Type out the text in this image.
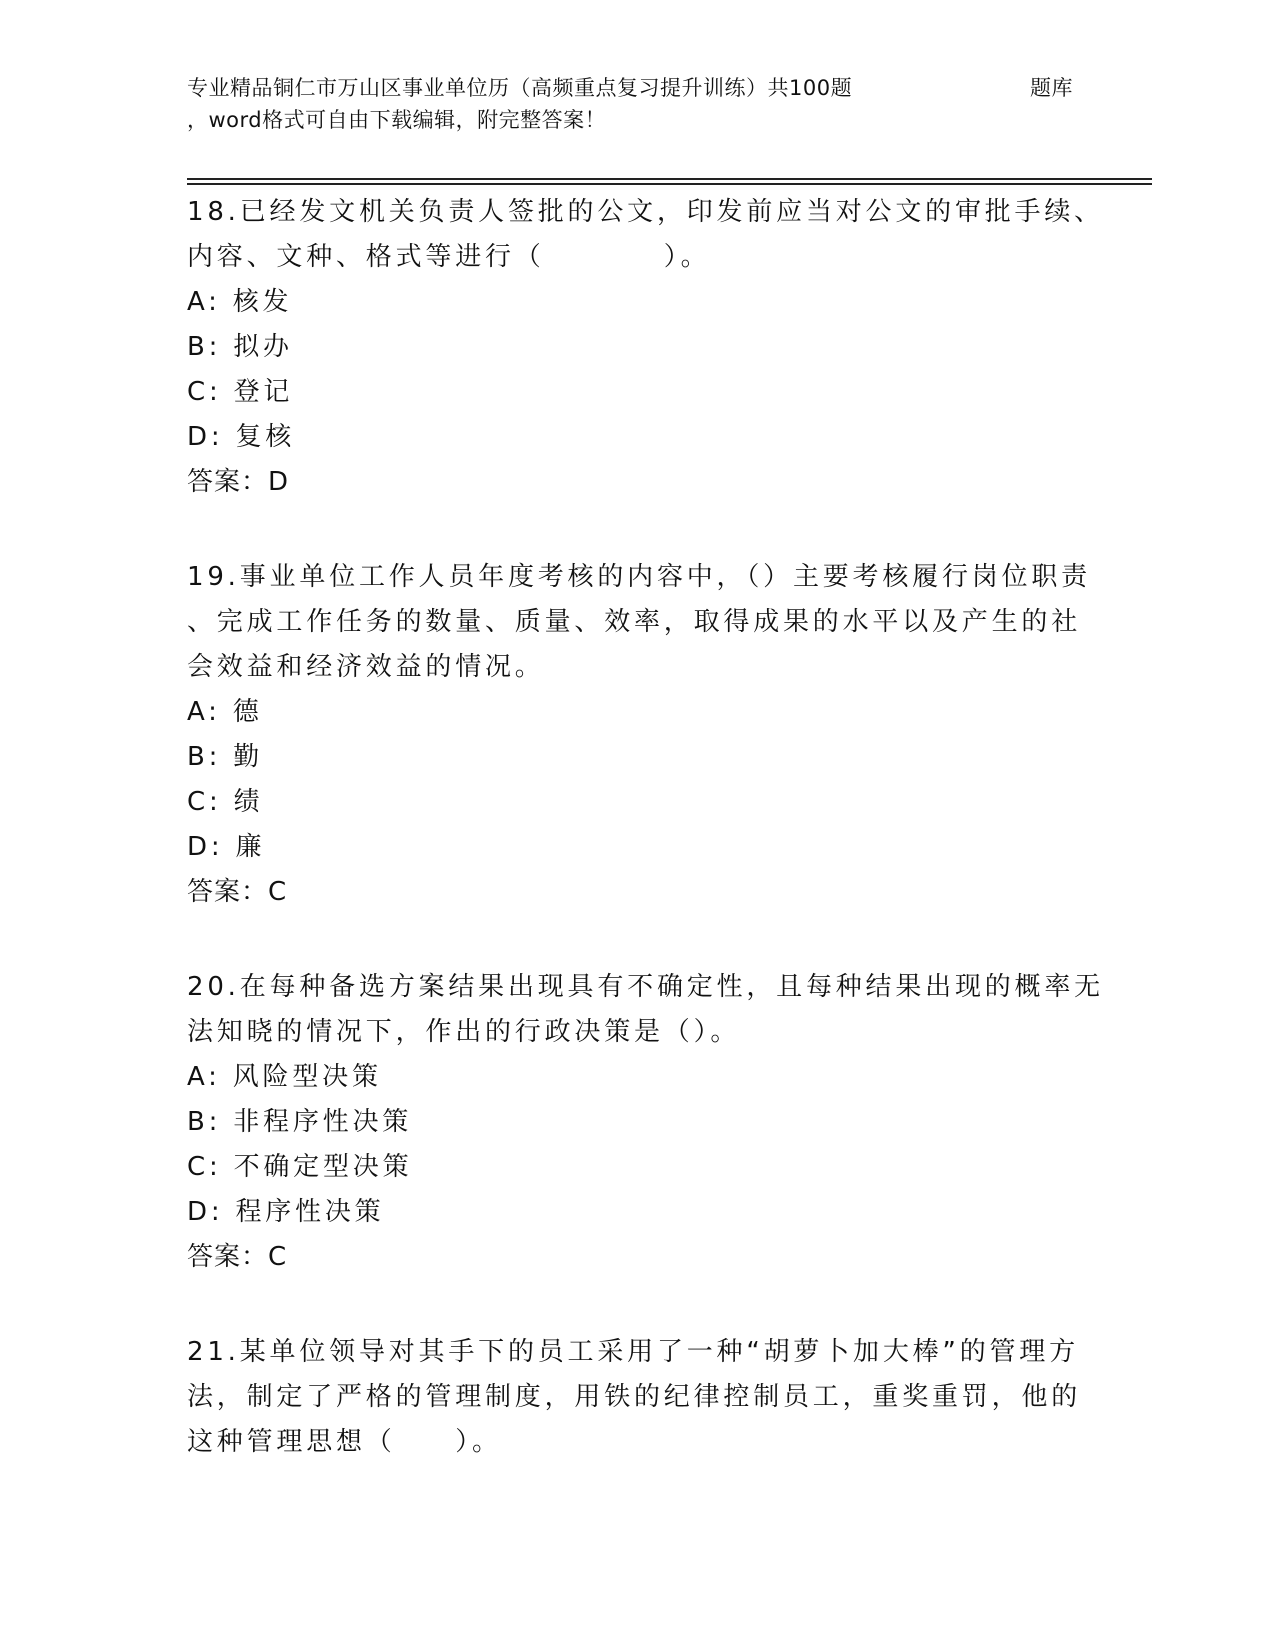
专业精品铜仁市万山区事业单位历（高频重点复习提升训练）共100题	题库
，word格式可自由下载编辑，附完整答案！
18.已经发文机关负责人签批的公文，印发前应当对公文的审批手续、
内容、文种、格式等进行（　　　　）。
A: 核发
B: 拟办
C: 登记
D: 复核
答案：D
19.事业单位工作人员年度考核的内容中，（）主要考核履行岗位职责
、完成工作任务的数量、质量、效率，取得成果的水平以及产生的社
会效益和经济效益的情况。
A: 德
B: 勤
C: 绩
D: 廉
答案：C
20.在每种备选方案结果出现具有不确定性，且每种结果出现的概率无
法知晓的情况下，作出的行政决策是（）。
A: 风险型决策
B: 非程序性决策
C: 不确定型决策
D: 程序性决策
答案：C
21.某单位领导对其手下的员工采用了一种“胡萝卜加大棒”的管理方
法，制定了严格的管理制度，用铁的纪律控制员工，重奖重罚，他的
这种管理思想（　　）。
